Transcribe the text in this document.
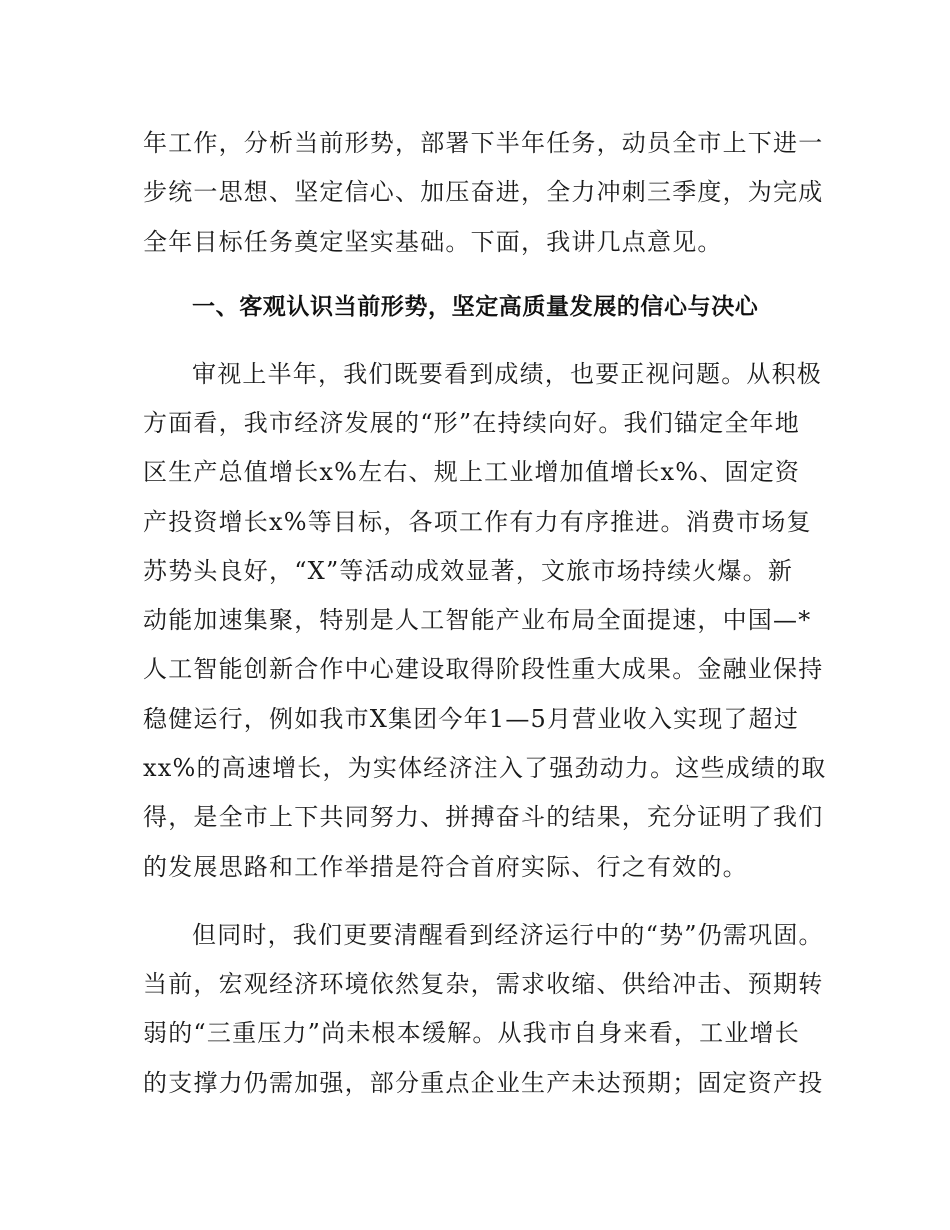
年工作，分析当前形势，部署下半年任务，动员全市上下进一

步统一思想、坚定信心、加压奋进，全力冲刺三季度，为完成

全年目标任务奠定坚实基础。下面，我讲几点意见。

一、客观认识当前形势，坚定高质量发展的信心与决心

审视上半年，我们既要看到成绩，也要正视问题。从积极

方面看，我市经济发展的“形”在持续向好。我们锚定全年地

区生产总值增长x%左右、规上工业增加值增长x%、固定资

产投资增长x%等目标，各项工作有力有序推进。消费市场复

苏势头良好，“X”等活动成效显著，文旅市场持续火爆。新

动能加速集聚，特别是人工智能产业布局全面提速，中国—*

人工智能创新合作中心建设取得阶段性重大成果。金融业保持

稳健运行，例如我市X集团今年1—5月营业收入实现了超过

xx%的高速增长，为实体经济注入了强劲动力。这些成绩的取

得，是全市上下共同努力、拼搏奋斗的结果，充分证明了我们

的发展思路和工作举措是符合首府实际、行之有效的。

但同时，我们更要清醒看到经济运行中的“势”仍需巩固。

当前，宏观经济环境依然复杂，需求收缩、供给冲击、预期转

弱的“三重压力”尚未根本缓解。从我市自身来看，工业增长

的支撑力仍需加强，部分重点企业生产未达预期；固定资产投
